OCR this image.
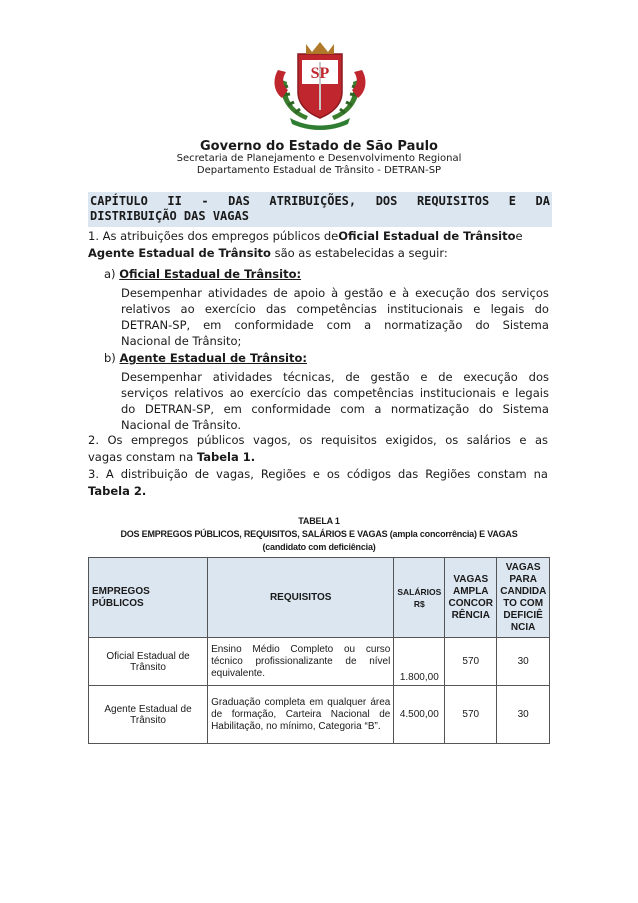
SP
Governo do Estado de São Paulo
Secretaria de Planejamento e Desenvolvimento Regional
Departamento Estadual de Trânsito - DETRAN-SP
CAPÍTULO II - DAS ATRIBUIÇÕES, DOS REQUISITOS E DA
DISTRIBUIÇÃO DAS VAGAS
1. As atribuições dos empregos públicos deOficial Estadual de Trânsitoe
Agente Estadual de Trânsito são as estabelecidas a seguir:
a) Oficial Estadual de Trânsito:
Desempenhar atividades de apoio à gestão e à execução dos serviços
relativos ao exercício das competências institucionais e legais do
DETRAN-SP, em conformidade com a normatização do Sistema
Nacional de Trânsito;
b) Agente Estadual de Trânsito:
Desempenhar atividades técnicas, de gestão e de execução dos
serviços relativos ao exercício das competências institucionais e legais
do DETRAN-SP, em conformidade com a normatização do Sistema
Nacional de Trânsito.
2. Os empregos públicos vagos, os requisitos exigidos, os salários e as
vagas constam na Tabela 1.
3. A distribuição de vagas, Regiões e os códigos das Regiões constam na
Tabela 2.
TABELA 1
DOS EMPREGOS PÚBLICOS, REQUISITOS, SALÁRIOS E VAGAS (ampla concorrência) E VAGAS
(candidato com deficiência)
EMPREGOS PÚBLICOS	REQUISITOS	SALÁRIOS R$	VAGAS AMPLA CONCOR RÊNCIA	VAGAS PARA CANDIDA TO COM DEFICIÊ NCIA
Oficial Estadual de Trânsito	Ensino Médio Completo ou curso técnico profissionalizante de nível equivalente.	1.800,00	570	30
Agente Estadual de Trânsito	Graduação completa em qualquer área de formação, Carteira Nacional de Habilitação, no mínimo, Categoria “B”.	4.500,00	570	30
